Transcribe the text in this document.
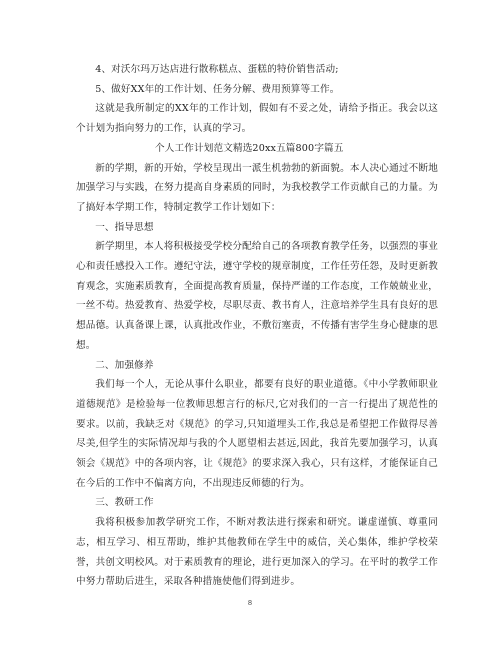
4、对沃尔玛万达店进行散称糕点、蛋糕的特价销售活动;

5、做好XX年的工作计划、任务分解、费用预算等工作。

这就是我所制定的XX年的工作计划，假如有不妥之处，请给予指正。我会以这个计划为指向努力的工作，认真的学习。

个人工作计划范文精选20xx五篇800字篇五

新的学期，新的开始，学校呈现出一派生机勃勃的新面貌。本人决心通过不断地加强学习与实践，在努力提高自身素质的同时，为我校教学工作贡献自己的力量。为了搞好本学期工作，特制定教学工作计划如下：

一、指导思想

新学期里，本人将积极接受学校分配给自己的各项教育教学任务，以强烈的事业心和责任感投入工作。遵纪守法，遵守学校的规章制度，工作任劳任怨，及时更新教育观念，实施素质教育，全面提高教育质量，保持严谨的工作态度，工作兢兢业业，一丝不苟。热爱教育、热爱学校，尽职尽责、教书育人，注意培养学生具有良好的思想品德。认真备课上课，认真批改作业，不敷衍塞责，不传播有害学生身心健康的思想。

二、加强修养

我们每一个人，无论从事什么职业，都要有良好的职业道德。《中小学教师职业道德规范》是检验每一位教师思想言行的标尺,它对我们的一言一行提出了规范性的要求。以前，我缺乏对《规范》的学习,只知道埋头工作,我总是希望把工作做得尽善尽美,但学生的实际情况却与我的个人愿望相去甚远,因此，我首先要加强学习，认真领会《规范》中的各项内容，让《规范》的要求深入我心，只有这样，才能保证自己在今后的工作中不偏离方向，不出现违反师德的行为。

三、教研工作

我将积极参加教学研究工作，不断对教法进行探索和研究。谦虚谨慎、尊重同志，相互学习、相互帮助，维护其他教师在学生中的威信，关心集体，维护学校荣誉，共创文明校风。对于素质教育的理论，进行更加深入的学习。在平时的教学工作中努力帮助后进生，采取各种措施使他们得到进步。

8
